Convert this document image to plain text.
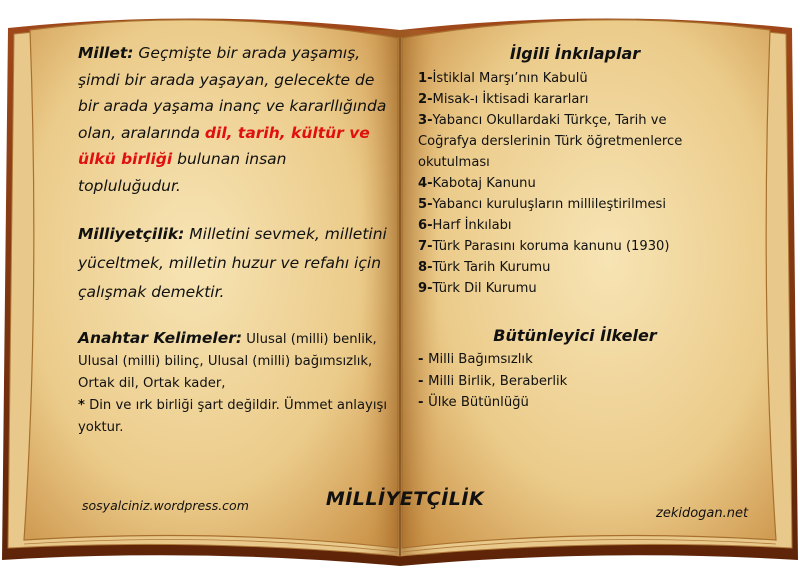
Millet: Geçmişte bir arada yaşamış, şimdi bir arada yaşayan, gelecekte de bir arada yaşama inanç ve kararllığında olan, aralarında dil, tarih, kültür ve ülkü birliği bulunan insan topluluğudur.
Milliyetçilik: Milletini sevmek, milletini yüceltmek, milletin huzur ve refahı için çalışmak demektir.
Anahtar Kelimeler: Ulusal (milli) benlik, Ulusal (milli) bilinç, Ulusal (milli) bağımsızlık, Ortak dil, Ortak kader,
* Din ve ırk birliği şart değildir. Ümmet anlayışı yoktur.
İlgili İnkılaplar
1-İstiklal Marşı’nın Kabulü
2-Misak-ı İktisadi kararları
3-Yabancı Okullardaki Türkçe, Tarih ve Coğrafya derslerinin Türk öğretmenlerce okutulması
4-Kabotaj Kanunu
5-Yabancı kuruluşların millileştirilmesi
6-Harf İnkılabı
7-Türk Parasını koruma kanunu (1930)
8-Türk Tarih Kurumu
9-Türk Dil Kurumu
Bütünleyici İlkeler
- Milli Bağımsızlık
- Milli Birlik, Beraberlik
- Ülke Bütünlüğü
MİLLİYETÇİLİK
sosyalciniz.wordpress.com
zekidogan.net
